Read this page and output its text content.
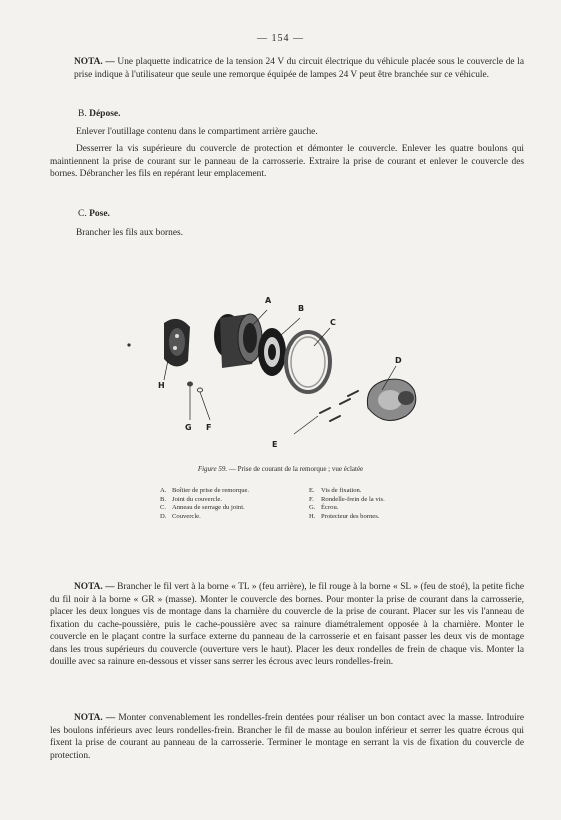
— 154 —

NOTA. — Une plaquette indicatrice de la tension 24 V du circuit électrique du véhicule placée sous le couvercle de la prise indique à l'utilisateur que seule une remorque équipée de lampes 24 V peut être branchée sur ce véhicule.

B. Dépose.

Enlever l'outillage contenu dans le compartiment arrière gauche.

Desserrer la vis supérieure du couvercle de protection et démonter le couvercle. Enlever les quatre boulons qui maintiennent la prise de courant sur le panneau de la carrosserie. Extraire la prise de courant et enlever le couvercle des bornes. Débrancher les fils en repérant leur emplacement.

C. Pose.

Brancher les fils aux bornes.

A
B
C
D
E
F
G
H
Figure 59. — Prise de courant de la remorque ; vue éclatée
A. Boîtier de prise de remorque.
B. Joint du couvercle.
C. Anneau de serrage du joint.
D. Couvercle.
E. Vis de fixation.
F. Rondelle-frein de la vis.
G. Écrou.
H. Protecteur des bornes.

NOTA. — Brancher le fil vert à la borne « TL » (feu arrière), le fil rouge à la borne « SL » (feu de stoé), la petite fiche du fil noir à la borne « GR » (masse). Monter le couvercle des bornes. Pour monter la prise de courant dans la carrosserie, placer les deux longues vis de montage dans la charnière du couvercle de la prise de courant. Placer sur les vis l'anneau de fixation du cache-poussière, puis le cache-poussière avec sa rainure diamétralement opposée à la charnière. Monter le couvercle en le plaçant contre la surface externe du panneau de la carrosserie et en faisant passer les deux vis de montage dans les trous supérieurs du couvercle (ouverture vers le haut). Placer les deux rondelles de frein de chaque vis. Monter la douille avec sa rainure en-dessous et visser sans serrer les écrous avec leurs rondelles-frein.

NOTA. — Monter convenablement les rondelles-frein dentées pour réaliser un bon contact avec la masse. Introduire les boulons inférieurs avec leurs rondelles-frein. Brancher le fil de masse au boulon inférieur et serrer les quatre écrous qui fixent la prise de courant au panneau de la carrosserie. Terminer le montage en serrant la vis de fixation du couvercle de protection.
